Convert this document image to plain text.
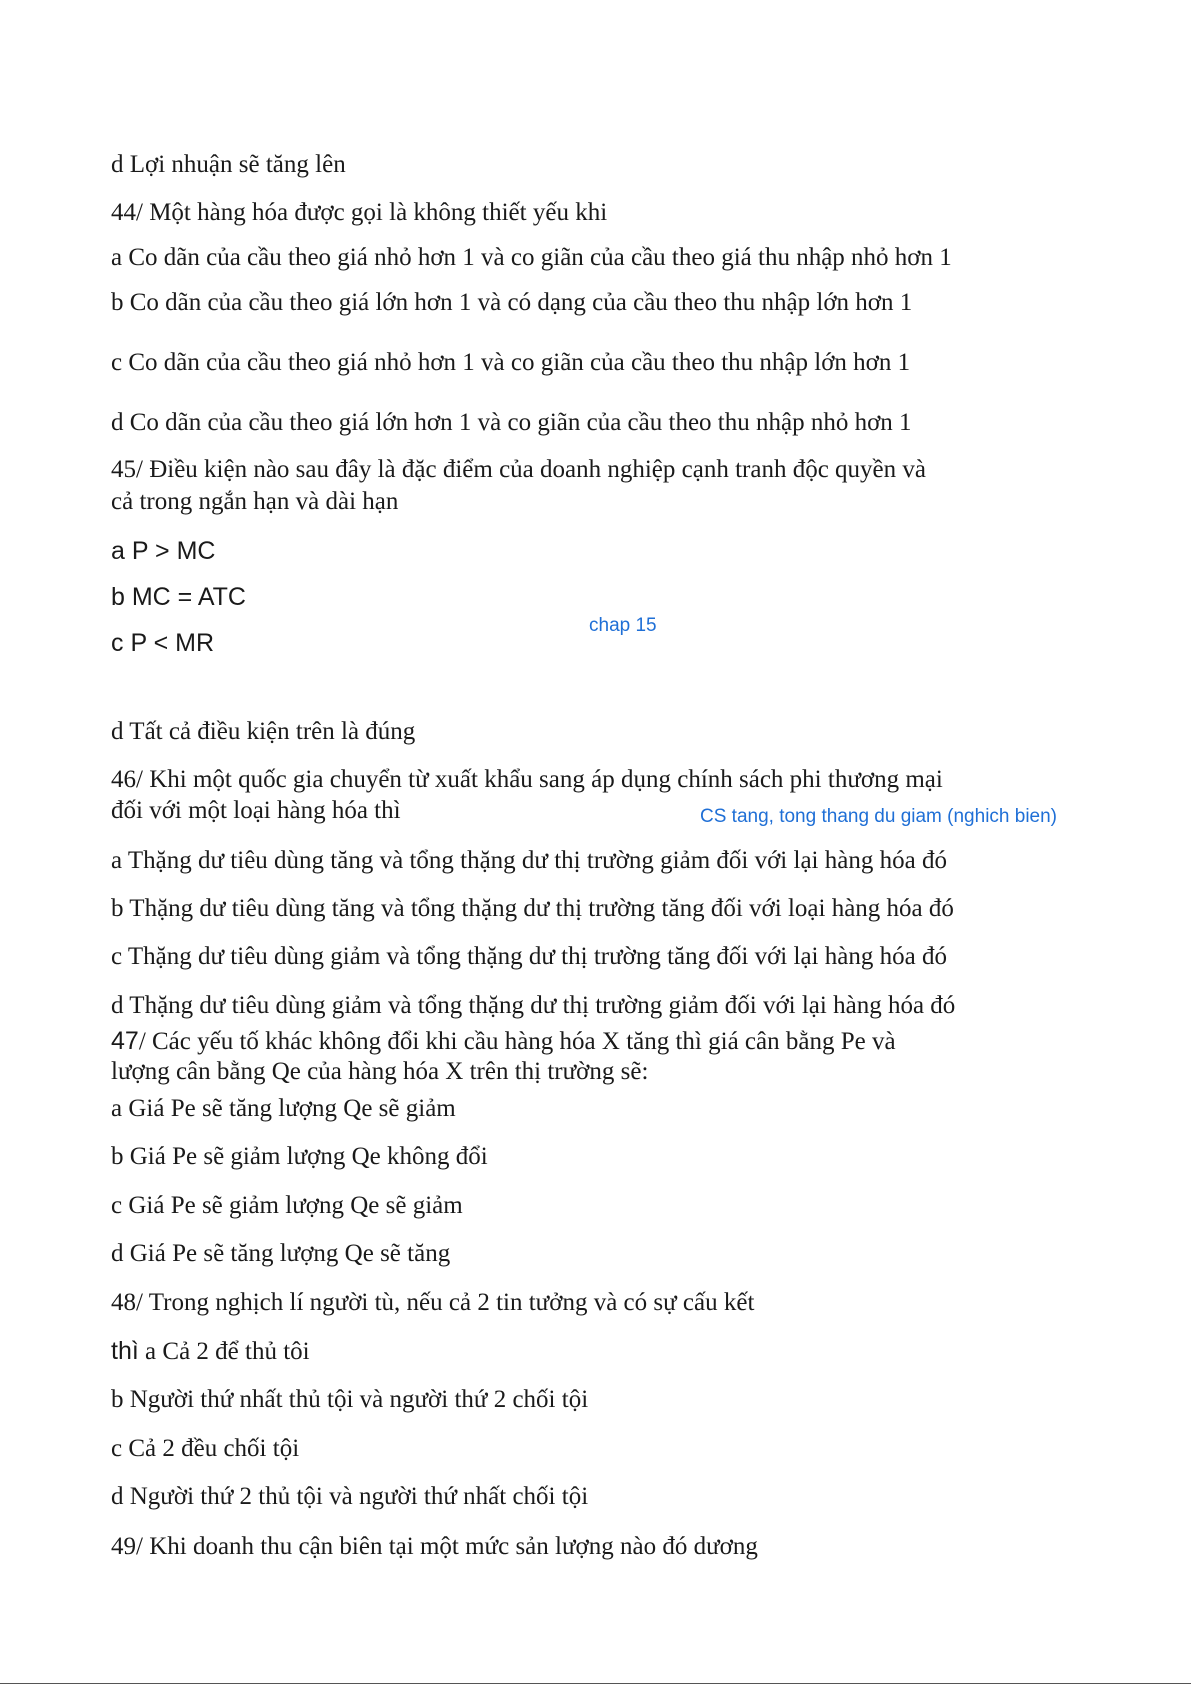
d Lợi nhuận sẽ tăng lên
44/ Một hàng hóa được gọi là không thiết yếu khi
a Co dãn của cầu theo giá nhỏ hơn 1 và co giãn của cầu theo giá thu nhập nhỏ hơn 1
b Co dãn của cầu theo giá lớn hơn 1 và có dạng của cầu theo thu nhập lớn hơn 1
c Co dãn của cầu theo giá nhỏ hơn 1 và co giãn của cầu theo thu nhập lớn hơn 1
d Co dãn của cầu theo giá lớn hơn 1 và co giãn của cầu theo thu nhập nhỏ hơn 1
45/ Điều kiện nào sau đây là đặc điểm của doanh nghiệp cạnh tranh độc quyền và
cả trong ngắn hạn và dài hạn
a P > MC
b MC = ATC
chap 15
c P < MR
d Tất cả điều kiện trên là đúng
46/ Khi một quốc gia chuyển từ xuất khẩu sang áp dụng chính sách phi thương mại
đối với một loại hàng hóa thì	CS tang, tong thang du giam (nghich bien)
a Thặng dư tiêu dùng tăng và tổng thặng dư thị trường giảm đối với lại hàng hóa đó
b Thặng dư tiêu dùng tăng và tổng thặng dư thị trường tăng đối với loại hàng hóa đó
c Thặng dư tiêu dùng giảm và tổng thặng dư thị trường tăng đối với lại hàng hóa đó
d Thặng dư tiêu dùng giảm và tổng thặng dư thị trường giảm đối với lại hàng hóa đó
47/ Các yếu tố khác không đổi khi cầu hàng hóa X tăng thì giá cân bằng Pe và
lượng cân bằng Qe của hàng hóa X trên thị trường sẽ:
a Giá Pe sẽ tăng lượng Qe sẽ giảm
b Giá Pe sẽ giảm lượng Qe không đổi
c Giá Pe sẽ giảm lượng Qe sẽ giảm
d Giá Pe sẽ tăng lượng Qe sẽ tăng
48/ Trong nghịch lí người tù, nếu cả 2 tin tưởng và có sự cấu kết
thì a Cả 2 để thủ tôi
b Người thứ nhất thủ tội và người thứ 2 chối tội
c Cả 2 đều chối tội
d Người thứ 2 thủ tội và người thứ nhất chối tội
49/ Khi doanh thu cận biên tại một mức sản lượng nào đó dương
